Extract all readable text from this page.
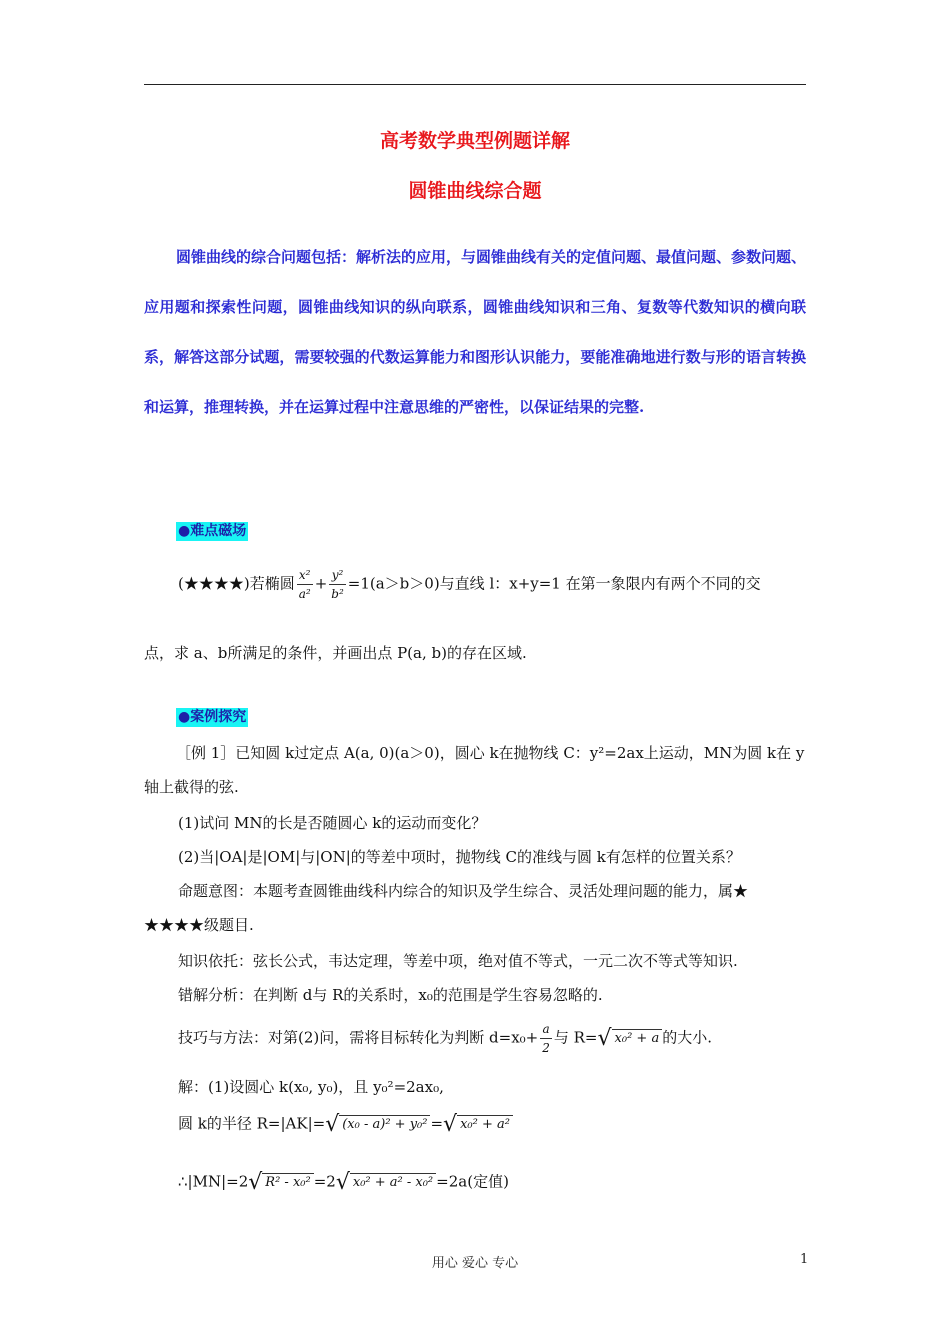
高考数学典型例题详解
圆锥曲线综合题

圆锥曲线的综合问题包括：解析法的应用，与圆锥曲线有关的定值问题、最值问题、参数问题、应用题和探索性问题，圆锥曲线知识的纵向联系，圆锥曲线知识和三角、复数等代数知识的横向联系，解答这部分试题，需要较强的代数运算能力和图形认识能力，要能准确地进行数与形的语言转换和运算，推理转换，并在运算过程中注意思维的严密性，以保证结果的完整.

●难点磁场
(★★★★)若椭圆 $\frac{\text{x²}}{\text{a²}} + \frac{\text{y²}}{\text{b²}} =1(a>b>0)$与直线 l：x+y=1 在第一象限内有两个不同的交
点，求 a、b所满足的条件，并画出点 P(a, b)的存在区域.
●案例探究
［例 1］已知圆 k过定点 A(a, 0)(a＞0)，圆心 k在抛物线 C：y²=2ax上运动，MN为圆 k在 y
轴上截得的弦.
(1)试问 MN的长是否随圆心 k的运动而变化？
(2)当|OA|是|OM|与|ON|的等差中项时，抛物线 C的准线与圆 k有怎样的位置关系？
命题意图：本题考查圆锥曲线科内综合的知识及学生综合、灵活处理问题的能力，属★
★★★★级题目.
知识依托：弦长公式，韦达定理，等差中项，绝对值不等式，一元二次不等式等知识.
错解分析：在判断 d与 R的关系时，x₀的范围是学生容易忽略的.
技巧与方法：对第(2)问，需将目标转化为判断 $d=x_0+ \frac{a}{2}$ 与 R=√ x₀² + a 的大小.
解：(1)设圆心 k(x₀, y₀)，且 y₀²=2ax₀,
圆 k的半径 R=|AK|=√ (x₀ - a)² + y₀² =√ x₀² + a²
∴|MN|=2√ R² - x₀² =2√ x₀² + a² - x₀² =2a(定值)
用心 爱心 专心	1
